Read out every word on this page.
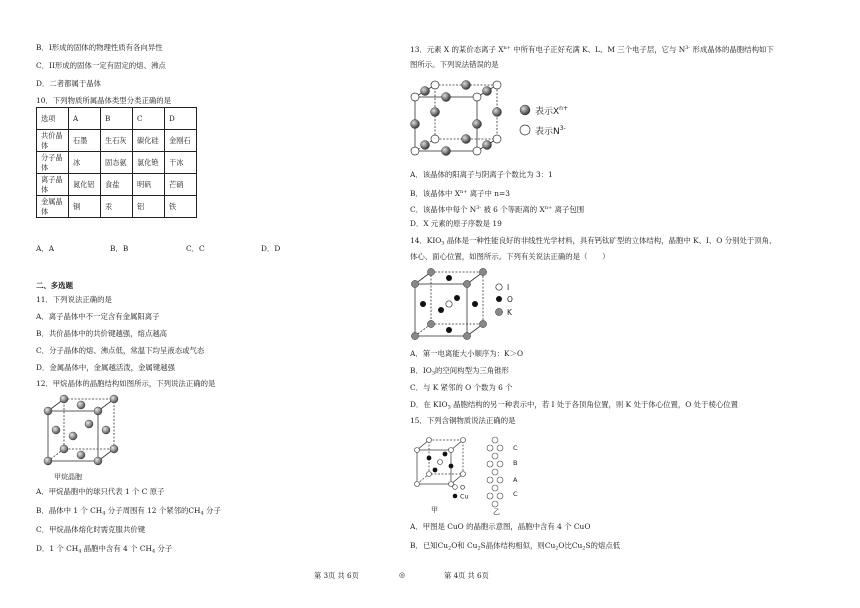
B．I形成的固体的物理性质有各向异性
C．II形成的固体一定有固定的熔、沸点
D．二者都属于晶体
10．下列物质所属晶体类型分类正确的是
选项	A	B	C	D
共价晶体	石墨	生石灰	碳化硅	金刚石
分子晶体	冰	固态氨	氯化铯	干冰
离子晶体	氮化铝	食盐	明矾	芒硝
金属晶体	铜	汞	铝	铁
A．A	B．B	C．C	D．D
二、多选题
11．下列说法正确的是
A．离子晶体中不一定含有金属阳离子
B．共价晶体中的共价键越强，熔点越高
C．分子晶体的熔、沸点低，常温下均呈液态或气态
D．金属晶体中，金属越活泼，金属键越强
12．甲烷晶体的晶胞结构如图所示，下列说法正确的是
甲烷晶胞
A．甲烷晶胞中的球只代表 1 个 C 原子
B．晶体中 1 个 $CH_4$ 分子周围有 12 个紧邻的$CH_4$ 分子
C．甲烷晶体熔化时需克服共价键
D．1 个 $CH_4$ 晶胞中含有 4 个 $CH_4$ 分子
13．元素 X 的某价态离子 $X^{n+}$ 中所有电子正好充满 K、L、M 三个电子层，它与 $N^{3-}$ 形成晶体的晶胞结构如下
图所示。下列说法错误的是
表示$X^{n+}$
表示$N^{3-}$
A．该晶体的阳离子与阴离子个数比为 3：1
B．该晶体中 $X^{n+}$ 离子中 n=3
C．该晶体中每个 $N^{3-}$ 被 6 个等距离的 $X^{n+}$ 离子包围
D．X 元素的原子序数是 19
14．$KIO_3$ 晶体是一种性能良好的非线性光学材料，具有钙钛矿型的立体结构，晶胞中 K、I、O 分别处于顶角、
体心、面心位置，如图所示。下列有关说法正确的是（　　）
I
O
K
A．第一电离能大小顺序为：K＞O
B．$IO_3$的空间构型为三角锥形
C．与 K 紧邻的 O 个数为 6 个
D．在 $KIO_3$ 晶胞结构的另一种表示中，若 I 处于各顶角位置，则 K 处于体心位置，O 处于棱心位置
15．下列含铜物质说法正确的是
O
Cu
甲
C
B
A
C
乙
A．甲图是 CuO 的晶胞示意图，晶胞中含有 4 个 CuO
B．已知$Cu_2O$和 $Cu_2S$晶体结构相似，则$Cu_2O$比$Cu_2S$的熔点低
第 3页 共 6页	◎	第 4页 共 6页
